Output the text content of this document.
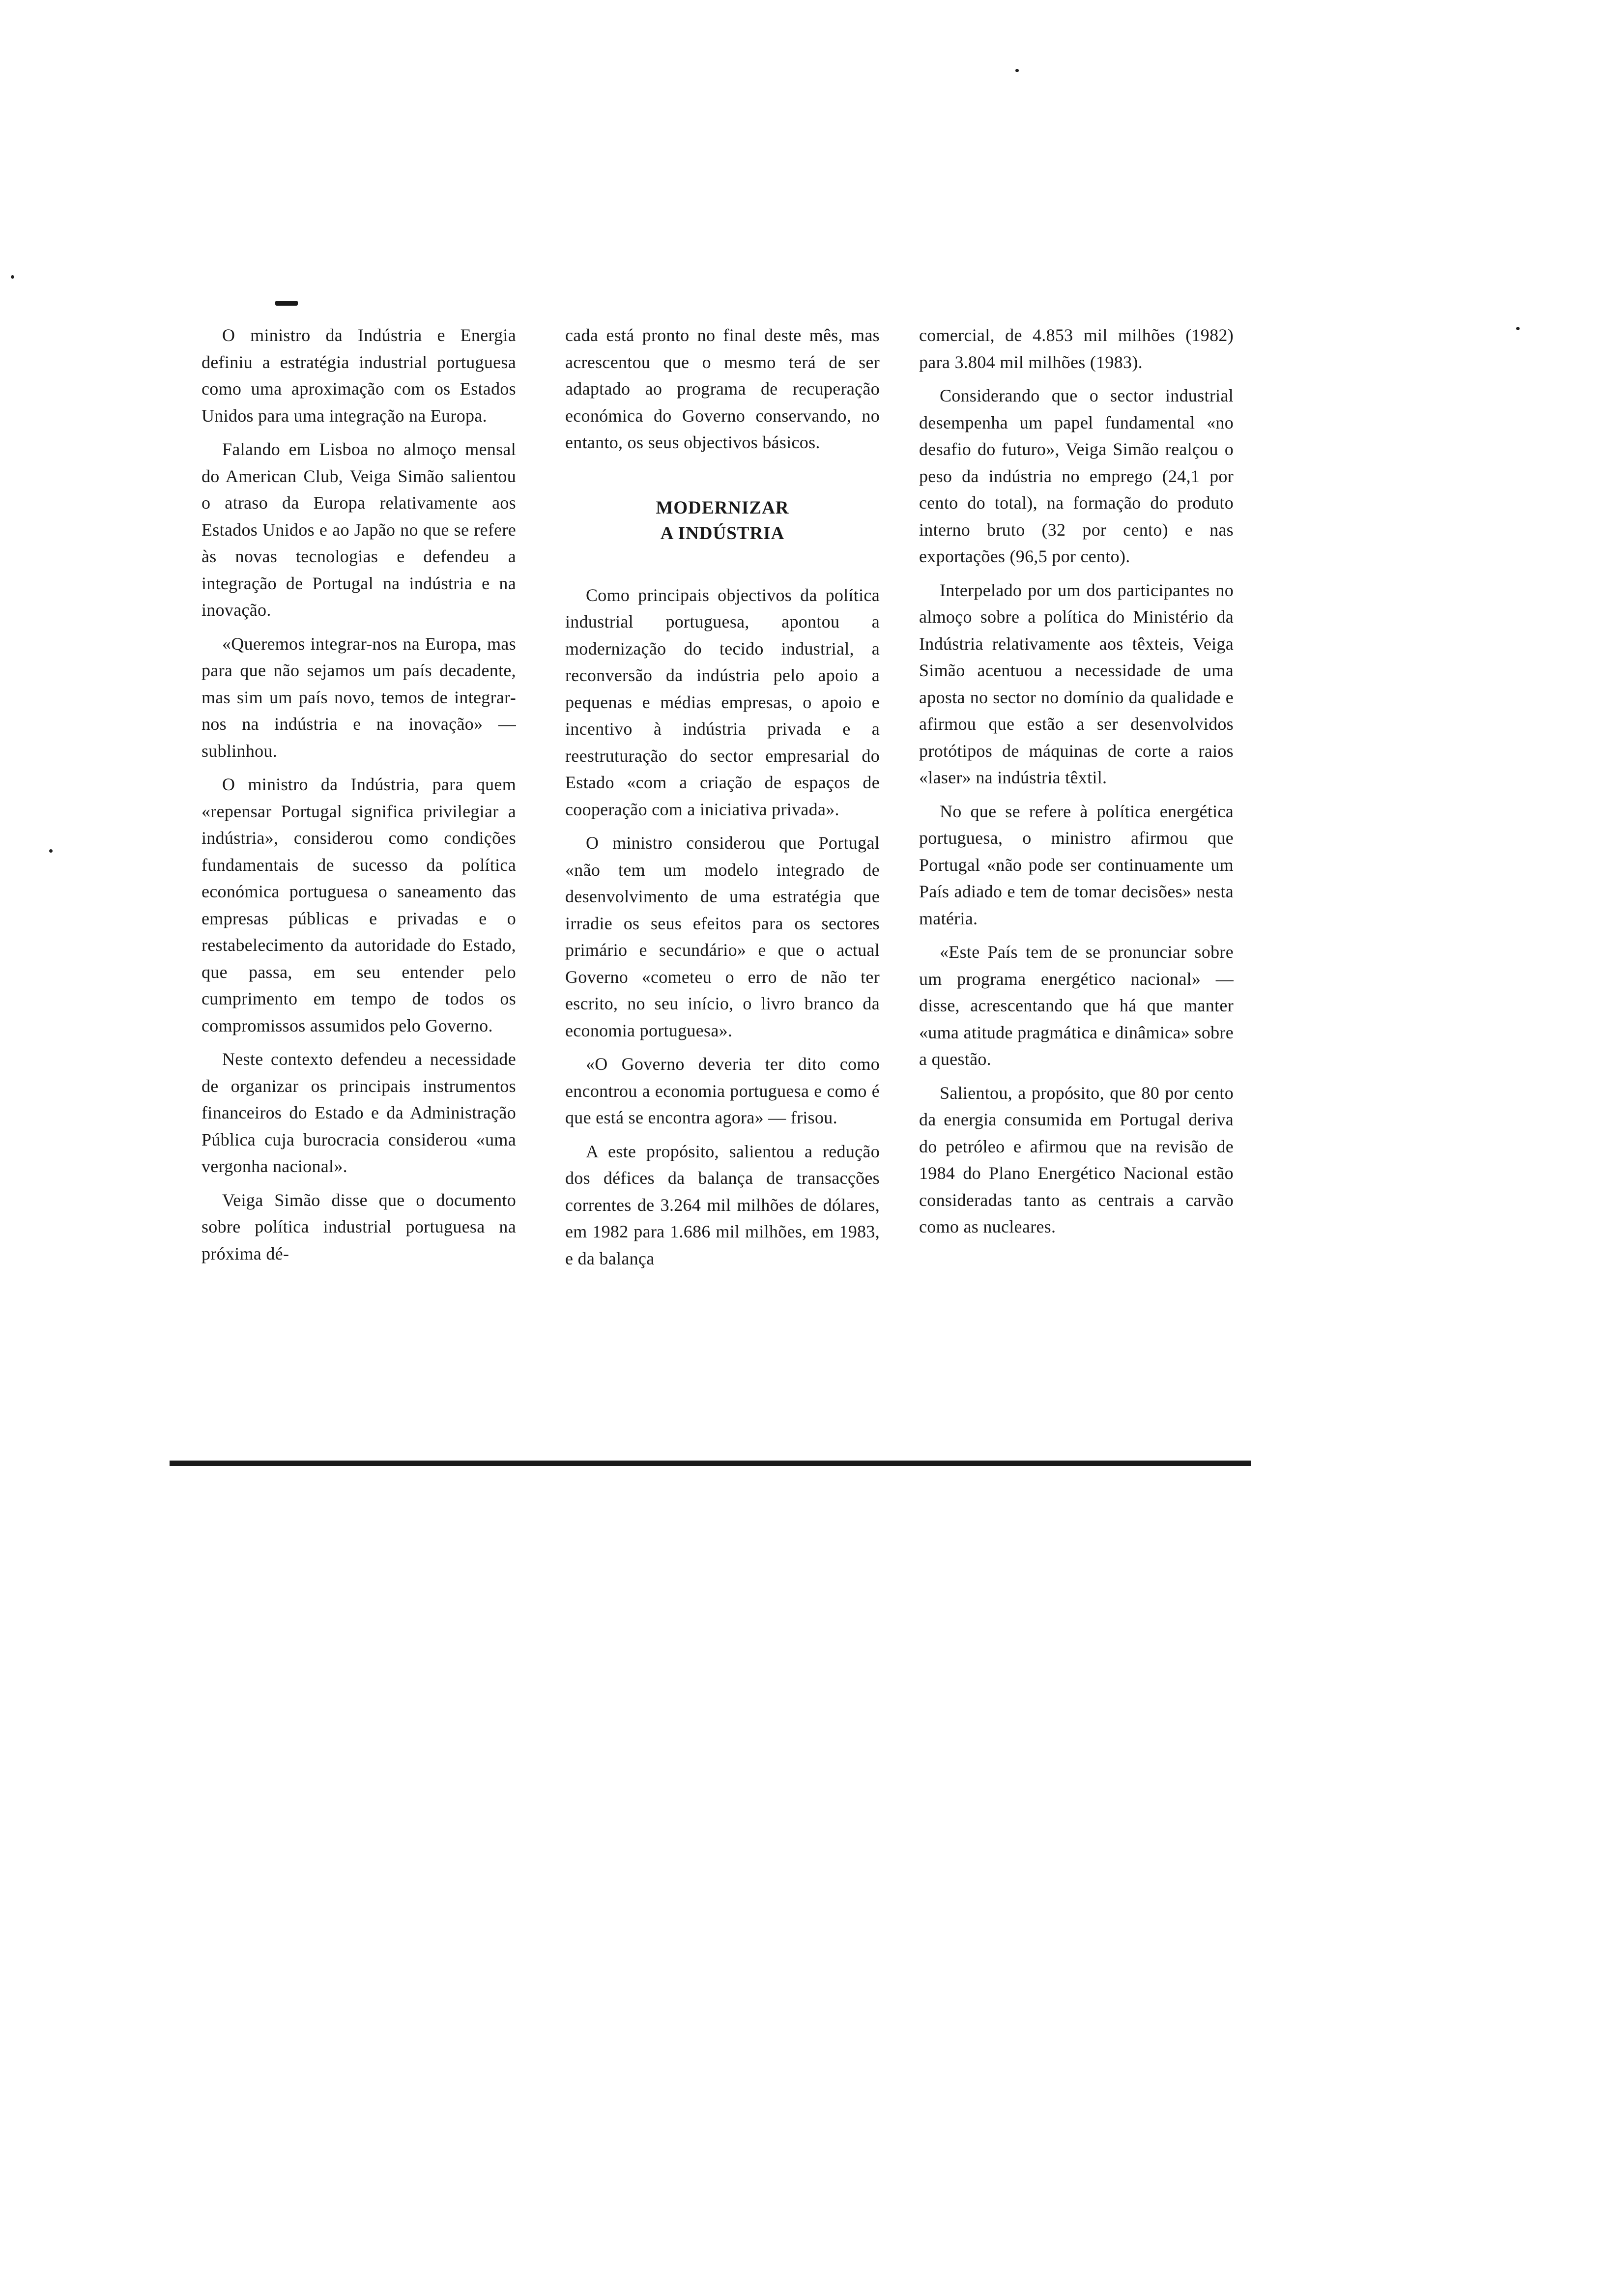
O ministro da Indústria e Energia definiu a estratégia industrial portuguesa como uma aproximação com os Estados Unidos para uma integração na Europa.

Falando em Lisboa no almoço mensal do American Club, Veiga Simão salientou o atraso da Europa relativamente aos Estados Unidos e ao Japão no que se refere às novas tecnologias e defendeu a integração de Portugal na indústria e na inovação.

«Queremos integrar-nos na Europa, mas para que não sejamos um país decadente, mas sim um país novo, temos de integrar-nos na indústria e na inovação» — sublinhou.

O ministro da Indústria, para quem «repensar Portugal significa privilegiar a indústria», considerou como condições fundamentais de sucesso da política económica portuguesa o saneamento das empresas públicas e privadas e o restabelecimento da autoridade do Estado, que passa, em seu entender pelo cumprimento em tempo de todos os compromissos assumidos pelo Governo.

Neste contexto defendeu a necessidade de organizar os principais instrumentos financeiros do Estado e da Administração Pública cuja burocracia considerou «uma vergonha nacional».

Veiga Simão disse que o documento sobre política industrial portuguesa na próxima dé-

cada está pronto no final deste mês, mas acrescentou que o mesmo terá de ser adaptado ao programa de recuperação económica do Governo conservando, no entanto, os seus objectivos básicos.

MODERNIZAR
A INDÚSTRIA

Como principais objectivos da política industrial portuguesa, apontou a modernização do tecido industrial, a reconversão da indústria pelo apoio a pequenas e médias empresas, o apoio e incentivo à indústria privada e a reestruturação do sector empresarial do Estado «com a criação de espaços de cooperação com a iniciativa privada».

O ministro considerou que Portugal «não tem um modelo integrado de desenvolvimento de uma estratégia que irradie os seus efeitos para os sectores primário e secundário» e que o actual Governo «cometeu o erro de não ter escrito, no seu início, o livro branco da economia portuguesa».

«O Governo deveria ter dito como encontrou a economia portuguesa e como é que está se encontra agora» — frisou.

A este propósito, salientou a redução dos défices da balança de transacções correntes de 3.264 mil milhões de dólares, em 1982 para 1.686 mil milhões, em 1983, e da balança

comercial, de 4.853 mil milhões (1982) para 3.804 mil milhões (1983).

Considerando que o sector industrial desempenha um papel fundamental «no desafio do futuro», Veiga Simão realçou o peso da indústria no emprego (24,1 por cento do total), na formação do produto interno bruto (32 por cento) e nas exportações (96,5 por cento).

Interpelado por um dos participantes no almoço sobre a política do Ministério da Indústria relativamente aos têxteis, Veiga Simão acentuou a necessidade de uma aposta no sector no domínio da qualidade e afirmou que estão a ser desenvolvidos protótipos de máquinas de corte a raios «laser» na indústria têxtil.

No que se refere à política energética portuguesa, o ministro afirmou que Portugal «não pode ser continuamente um País adiado e tem de tomar decisões» nesta matéria.

«Este País tem de se pronunciar sobre um programa energético nacional» — disse, acrescentando que há que manter «uma atitude pragmática e dinâmica» sobre a questão.

Salientou, a propósito, que 80 por cento da energia consumida em Portugal deriva do petróleo e afirmou que na revisão de 1984 do Plano Energético Nacional estão consideradas tanto as centrais a carvão como as nucleares.
